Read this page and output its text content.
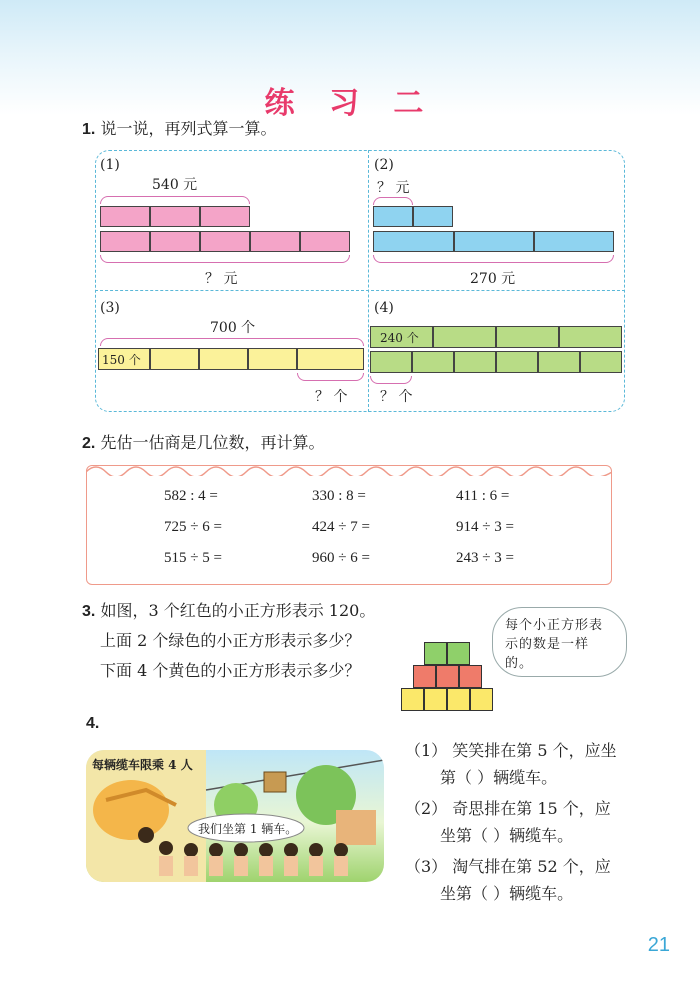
练 习 二
1. 说一说，再列式算一算。
(1)
540 元
？ 元
(2)
？ 元
270 元
(3)
700 个
150 个
？ 个
(4)
240 个
？ 个
2. 先估一估商是几位数，再计算。
582 : 4 =	330 : 8 =	411 : 6 =
725 ÷ 6 =	424 ÷ 7 =	914 ÷ 3 =
515 ÷ 5 =	960 ÷ 6 =	243 ÷ 3 =
3. 如图，3 个红色的小正方形表示 120。
上面 2 个绿色的小正方形表示多少？
下面 4 个黄色的小正方形表示多少？
每个小正方形表示的数是一样的。
4.
每辆缆车限乘 4 人
我们坐第 1 辆车。
（1） 笑笑排在第 5 个，应坐
第（ ）辆缆车。
（2） 奇思排在第 15 个，应
坐第（ ）辆缆车。
（3） 淘气排在第 52 个，应
坐第（ ）辆缆车。
21
